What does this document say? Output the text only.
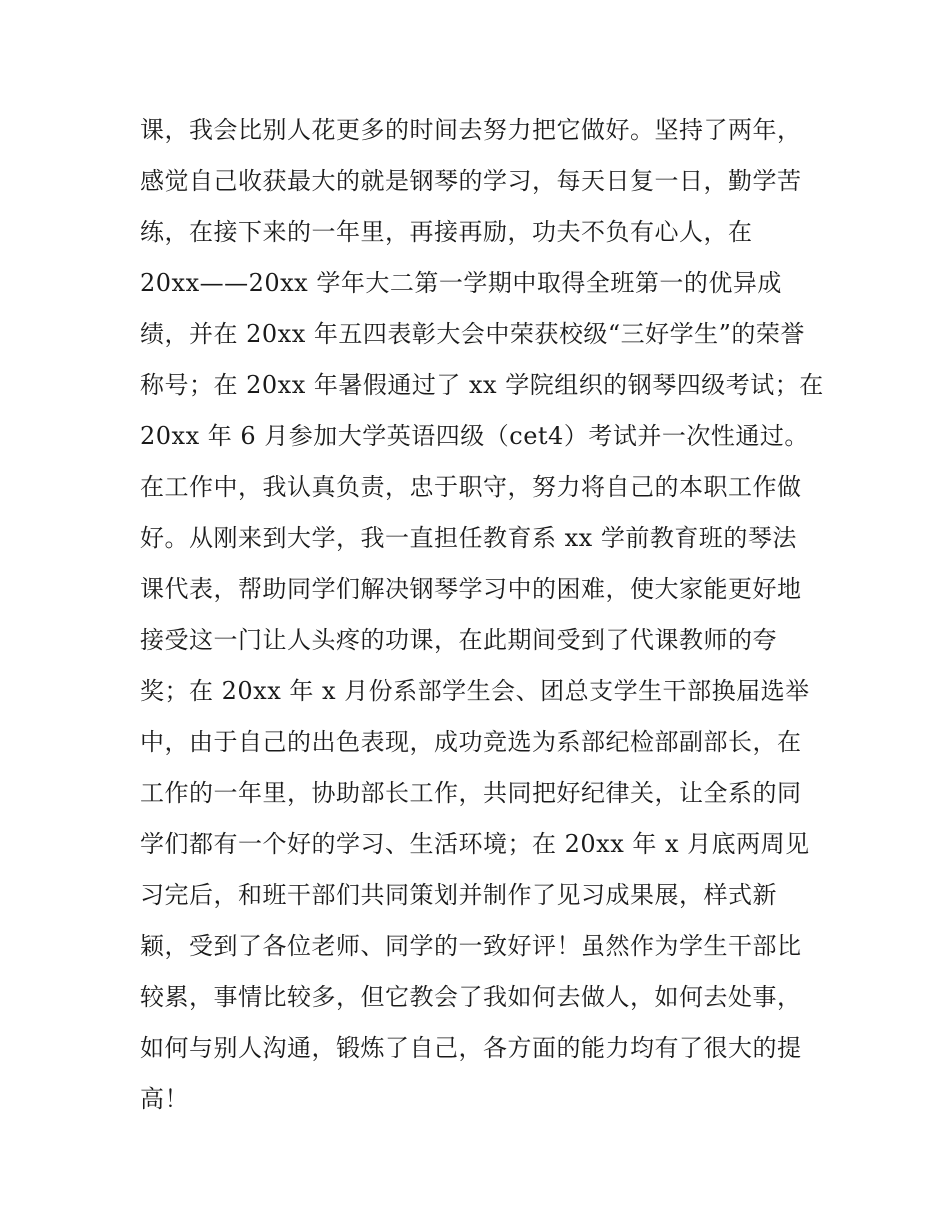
课，我会比别人花更多的时间去努力把它做好。坚持了两年，
感觉自己收获最大的就是钢琴的学习，每天日复一日，勤学苦
练，在接下来的一年里，再接再励，功夫不负有心人，在
20xx——20xx 学年大二第一学期中取得全班第一的优异成
绩，并在 20xx 年五四表彰大会中荣获校级“三好学生”的荣誉
称号；在 20xx 年暑假通过了 xx 学院组织的钢琴四级考试；在
20xx 年 6 月参加大学英语四级（cet4）考试并一次性通过。
在工作中，我认真负责，忠于职守，努力将自己的本职工作做
好。从刚来到大学，我一直担任教育系 xx 学前教育班的琴法
课代表，帮助同学们解决钢琴学习中的困难，使大家能更好地
接受这一门让人头疼的功课，在此期间受到了代课教师的夸
奖；在 20xx 年 x 月份系部学生会、团总支学生干部换届选举
中，由于自己的出色表现，成功竞选为系部纪检部副部长，在
工作的一年里，协助部长工作，共同把好纪律关，让全系的同
学们都有一个好的学习、生活环境；在 20xx 年 x 月底两周见
习完后，和班干部们共同策划并制作了见习成果展，样式新
颖，受到了各位老师、同学的一致好评！虽然作为学生干部比
较累，事情比较多，但它教会了我如何去做人，如何去处事，
如何与别人沟通，锻炼了自己，各方面的能力均有了很大的提
高！
